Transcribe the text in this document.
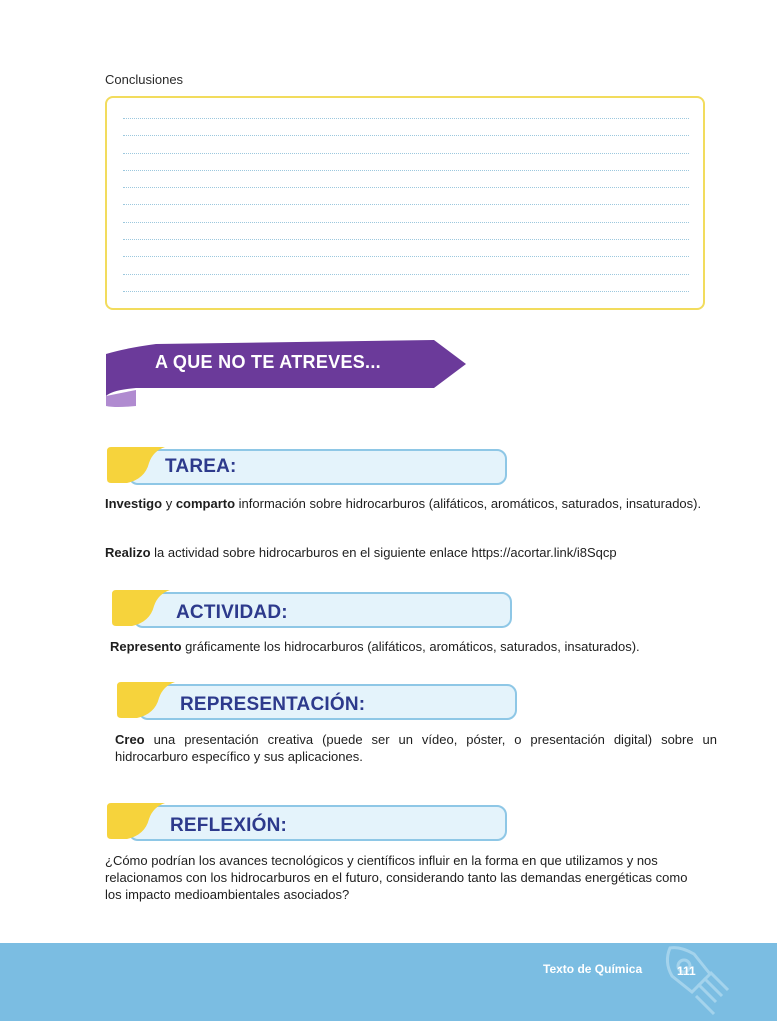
Conclusiones
A QUE NO TE ATREVES...
TAREA:
Investigo y comparto información sobre hidrocarburos (alifáticos, aromáticos, saturados, insaturados).
Realizo la actividad sobre hidrocarburos en el siguiente enlace https://acortar.link/i8Sqcp
ACTIVIDAD:
Represento gráficamente los hidrocarburos (alifáticos, aromáticos, saturados, insaturados).
REPRESENTACIÓN:
Creo una presentación creativa (puede ser un vídeo, póster, o presentación digital) sobre un hidrocarburo específico y sus aplicaciones.
REFLEXIÓN:
¿Cómo podrían los avances tecnológicos y científicos influir en la forma en que utilizamos y nos relacionamos con los hidrocarburos en el futuro, considerando tanto las demandas energéticas como los impacto medioambientales asociados?
Texto de Química	111
